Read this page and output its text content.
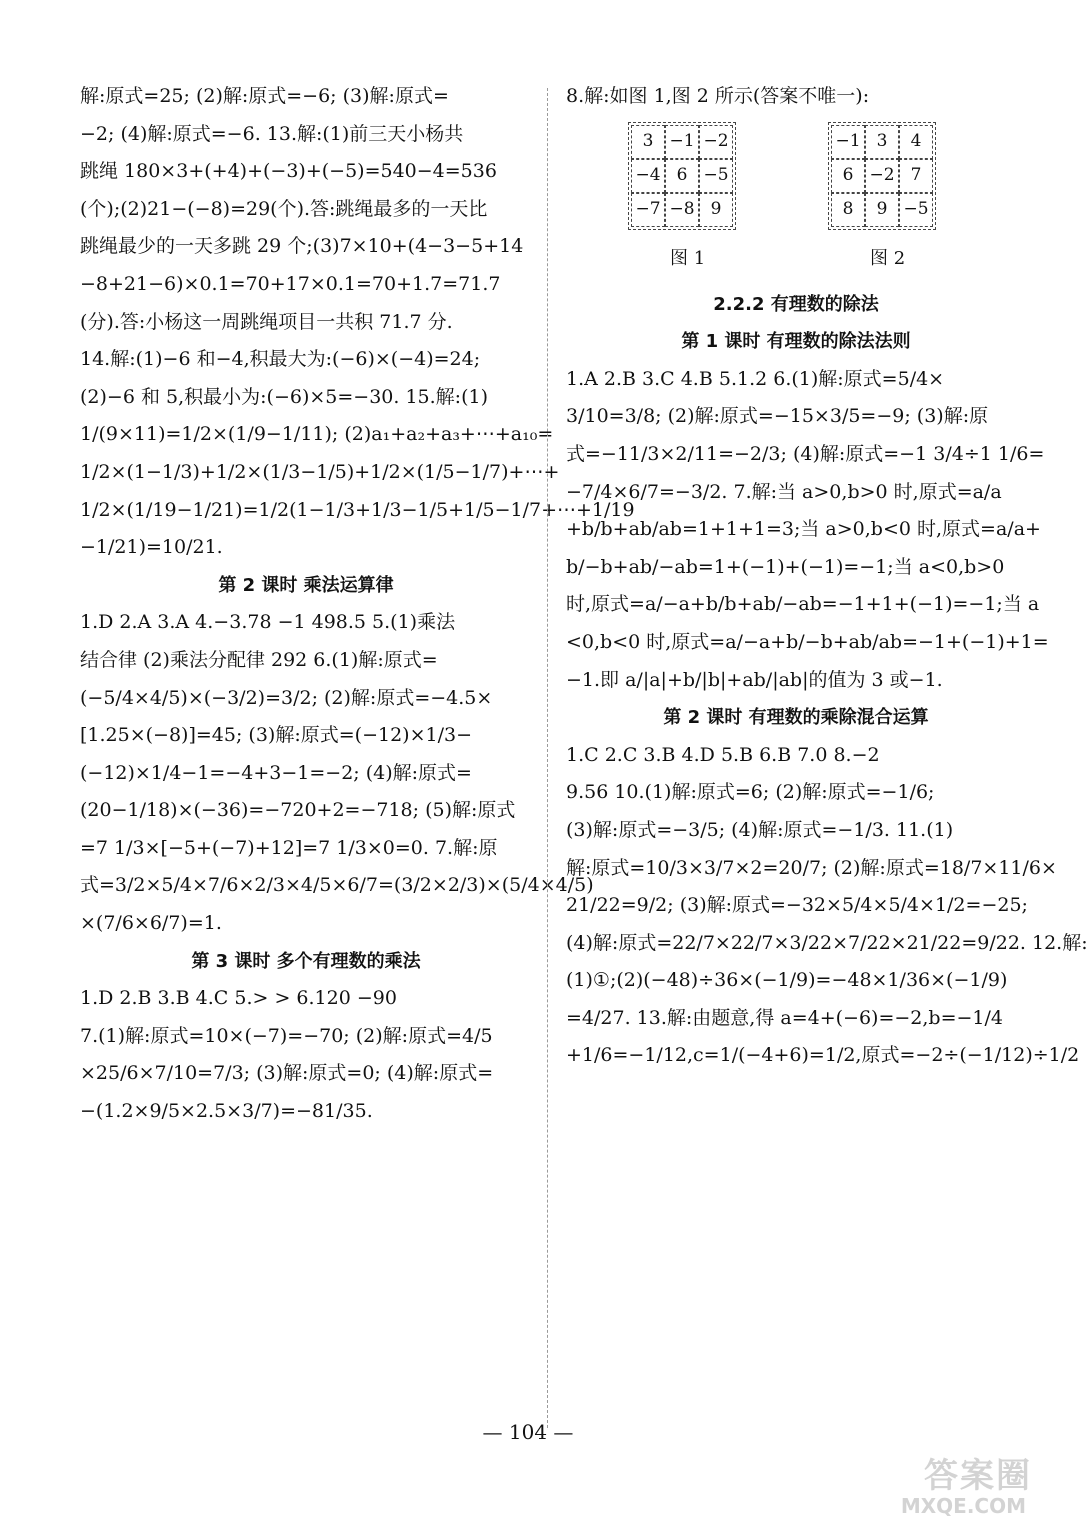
解:原式=25; (2)解:原式=−6; (3)解:原式=
−2; (4)解:原式=−6. 13.解:(1)前三天小杨共
跳绳 180×3+(+4)+(−3)+(−5)=540−4=536
(个);(2)21−(−8)=29(个).答:跳绳最多的一天比
跳绳最少的一天多跳 29 个;(3)7×10+(4−3−5+14
−8+21−6)×0.1=70+17×0.1=70+1.7=71.7
(分).答:小杨这一周跳绳项目一共积 71.7 分.
14.解:(1)−6 和−4,积最大为:(−6)×(−4)=24;
(2)−6 和 5,积最小为:(−6)×5=−30. 15.解:(1)
1/(9×11)=1/2×(1/9−1/11); (2)a₁+a₂+a₃+⋯+a₁₀=
1/2×(1−1/3)+1/2×(1/3−1/5)+1/2×(1/5−1/7)+⋯+
1/2×(1/19−1/21)=1/2(1−1/3+1/3−1/5+1/5−1/7+⋯+1/19
−1/21)=10/21.
第 2 课时 乘法运算律
1.D 2.A 3.A 4.−3.78 −1 498.5 5.(1)乘法
结合律 (2)乘法分配律 292 6.(1)解:原式=
(−5/4×4/5)×(−3/2)=3/2; (2)解:原式=−4.5×
[1.25×(−8)]=45; (3)解:原式=(−12)×1/3−
(−12)×1/4−1=−4+3−1=−2; (4)解:原式=
(20−1/18)×(−36)=−720+2=−718; (5)解:原式
=7 1/3×[−5+(−7)+12]=7 1/3×0=0. 7.解:原
式=3/2×5/4×7/6×2/3×4/5×6/7=(3/2×2/3)×(5/4×4/5)
×(7/6×6/7)=1.
第 3 课时 多个有理数的乘法
1.D 2.B 3.B 4.C 5.> > 6.120 −90
7.(1)解:原式=10×(−7)=−70; (2)解:原式=4/5
×25/6×7/10=7/3; (3)解:原式=0; (4)解:原式=
−(1.2×9/5×2.5×3/7)=−81/35.
8.解:如图 1,图 2 所示(答案不唯一):
3 −1 −2
−4 6 −5
−7 −8 9
图 1
−1 3	4
6 −2 7
8	9 −5
图 2
2.2.2 有理数的除法
第 1 课时 有理数的除法法则
1.A 2.B 3.C 4.B 5.1.2 6.(1)解:原式=5/4×
3/10=3/8; (2)解:原式=−15×3/5=−9; (3)解:原
式=−11/3×2/11=−2/3; (4)解:原式=−1 3/4÷1 1/6=
−7/4×6/7=−3/2. 7.解:当 a>0,b>0 时,原式=a/a
+b/b+ab/ab=1+1+1=3;当 a>0,b<0 时,原式=a/a+
b/−b+ab/−ab=1+(−1)+(−1)=−1;当 a<0,b>0
时,原式=a/−a+b/b+ab/−ab=−1+1+(−1)=−1;当 a
<0,b<0 时,原式=a/−a+b/−b+ab/ab=−1+(−1)+1=
−1.即 a/|a|+b/|b|+ab/|ab|的值为 3 或−1.
第 2 课时 有理数的乘除混合运算
1.C 2.C 3.B 4.D 5.B 6.B 7.0 8.−2
9.56 10.(1)解:原式=6; (2)解:原式=−1/6;
(3)解:原式=−3/5; (4)解:原式=−1/3. 11.(1)
解:原式=10/3×3/7×2=20/7; (2)解:原式=18/7×11/6×
21/22=9/2; (3)解:原式=−32×5/4×5/4×1/2=−25;
(4)解:原式=22/7×22/7×3/22×7/22×21/22=9/22. 12.解:
(1)①;(2)(−48)÷36×(−1/9)=−48×1/36×(−1/9)
=4/27. 13.解:由题意,得 a=4+(−6)=−2,b=−1/4
+1/6=−1/12,c=1/(−4+6)=1/2,原式=−2÷(−1/12)÷1/2
— 104 —
答案圈
MXQE.COM
